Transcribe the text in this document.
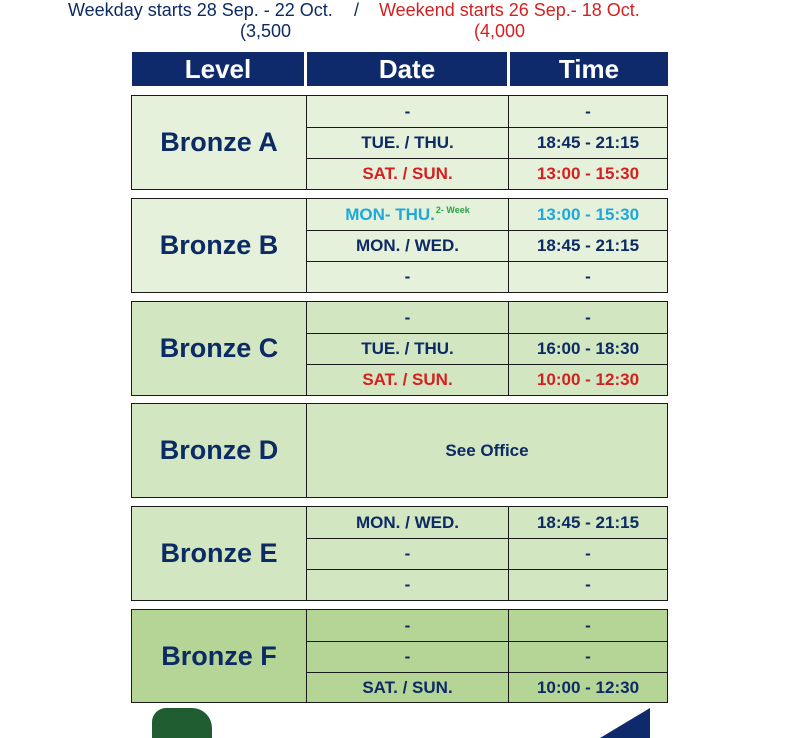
Weekday starts 28 Sep. - 22 Oct. / Weekend starts 26 Sep.- 18 Oct.
(3,500	(4,000
Level	Date	Time
Bronze A
-	-
TUE. / THU.	18:45 - 21:15
SAT. / SUN.	13:00 - 15:30
Bronze B
MON- THU. 2- Week	13:00 - 15:30
MON. / WED.	18:45 - 21:15
-	-
Bronze C
-	-
TUE. / THU.	16:00 - 18:30
SAT. / SUN.	10:00 - 12:30
Bronze D	See Office
Bronze E
MON. / WED.	18:45 - 21:15
-	-
-	-
Bronze F
-	-
-	-
SAT. / SUN.	10:00 - 12:30
